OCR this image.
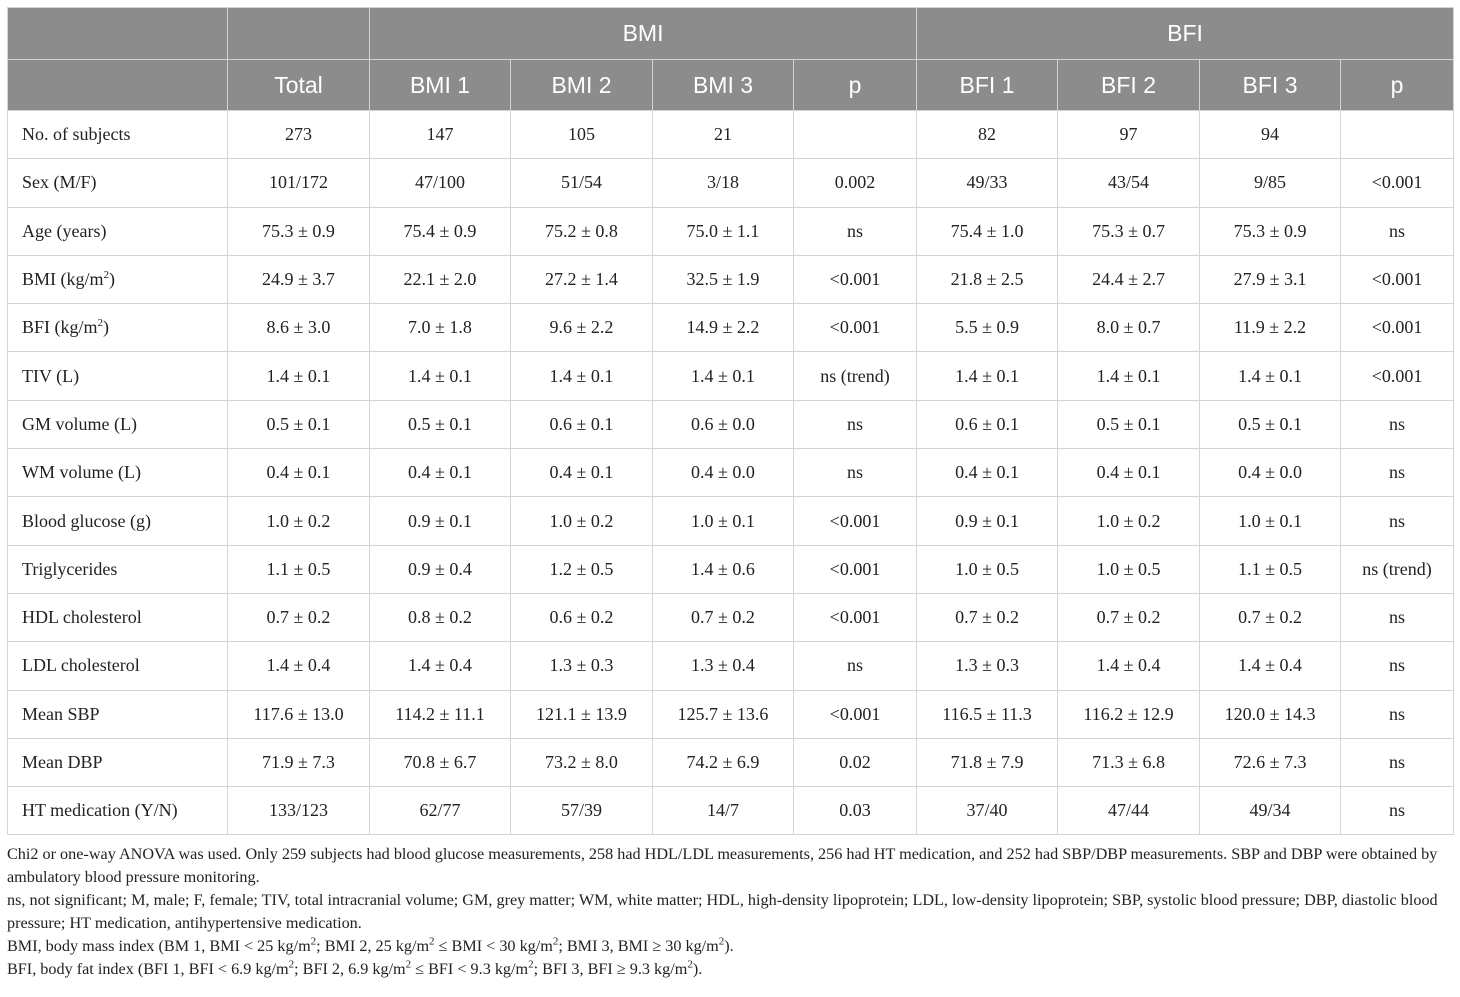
		BMI				BFI			
	Total	BMI 1	BMI 2	BMI 3	p	BFI 1	BFI 2	BFI 3	p
No. of subjects	273	147	105	21		82	97	94	
Sex (M/F)	101/172	47/100	51/54	3/18	0.002	49/33	43/54	9/85	<0.001
Age (years)	75.3 ± 0.9	75.4 ± 0.9	75.2 ± 0.8	75.0 ± 1.1	ns	75.4 ± 1.0	75.3 ± 0.7	75.3 ± 0.9	ns
BMI $(kg/m^2)$	24.9 ± 3.7	22.1 ± 2.0	27.2 ± 1.4	32.5 ± 1.9	<0.001	21.8 ± 2.5	24.4 ± 2.7	27.9 ± 3.1	<0.001
BFI $(kg/m^2)$	8.6 ± 3.0	7.0 ± 1.8	9.6 ± 2.2	14.9 ± 2.2	<0.001	5.5 ± 0.9	8.0 ± 0.7	11.9 ± 2.2	<0.001
TIV (L)	1.4 ± 0.1	1.4 ± 0.1	1.4 ± 0.1	1.4 ± 0.1	ns (trend)	1.4 ± 0.1	1.4 ± 0.1	1.4 ± 0.1	<0.001
GM volume (L)	0.5 ± 0.1	0.5 ± 0.1	0.6 ± 0.1	0.6 ± 0.0	ns	0.6 ± 0.1	0.5 ± 0.1	0.5 ± 0.1	ns
WM volume (L)	0.4 ± 0.1	0.4 ± 0.1	0.4 ± 0.1	0.4 ± 0.0	ns	0.4 ± 0.1	0.4 ± 0.1	0.4 ± 0.0	ns
Blood glucose (g)	1.0 ± 0.2	0.9 ± 0.1	1.0 ± 0.2	1.0 ± 0.1	<0.001	0.9 ± 0.1	1.0 ± 0.2	1.0 ± 0.1	ns
Triglycerides	1.1 ± 0.5	0.9 ± 0.4	1.2 ± 0.5	1.4 ± 0.6	<0.001	1.0 ± 0.5	1.0 ± 0.5	1.1 ± 0.5	ns (trend)
HDL cholesterol	0.7 ± 0.2	0.8 ± 0.2	0.6 ± 0.2	0.7 ± 0.2	<0.001	0.7 ± 0.2	0.7 ± 0.2	0.7 ± 0.2	ns
LDL cholesterol	1.4 ± 0.4	1.4 ± 0.4	1.3 ± 0.3	1.3 ± 0.4	ns	1.3 ± 0.3	1.4 ± 0.4	1.4 ± 0.4	ns
Mean SBP	117.6 ± 13.0	114.2 ± 11.1	121.1 ± 13.9	125.7 ± 13.6	<0.001	116.5 ± 11.3	116.2 ± 12.9	120.0 ± 14.3	ns
Mean DBP	71.9 ± 7.3	70.8 ± 6.7	73.2 ± 8.0	74.2 ± 6.9	0.02	71.8 ± 7.9	71.3 ± 6.8	72.6 ± 7.3	ns
HT medication (Y/N)	133/123	62/77	57/39	14/7	0.03	37/40	47/44	49/34	ns

Chi2 or one-way ANOVA was used. Only 259 subjects had blood glucose measurements, 258 had HDL/LDL measurements, 256 had HT medication, and 252 had SBP/DBP measurements. SBP and DBP were obtained by ambulatory blood pressure monitoring.

ns, not significant; M, male; F, female; TIV, total intracranial volume; GM, grey matter; WM, white matter; HDL, high-density lipoprotein; LDL, low-density lipoprotein; SBP, systolic blood pressure; DBP, diastolic blood pressure; HT medication, antihypertensive medication.

BMI, body mass index (BM 1, BMI < 25 $kg/m^2$; BMI 2, 25 $kg/m^2$ ≤ BMI < 30 $kg/m^2$; BMI 3, BMI ≥ 30 $kg/m^2$).

BFI, body fat index (BFI 1, BFI < 6.9 $kg/m^2$; BFI 2, 6.9 $kg/m^2$ ≤ BFI < 9.3 $kg/m^2$; BFI 3, BFI ≥ 9.3 $kg/m^2$).
